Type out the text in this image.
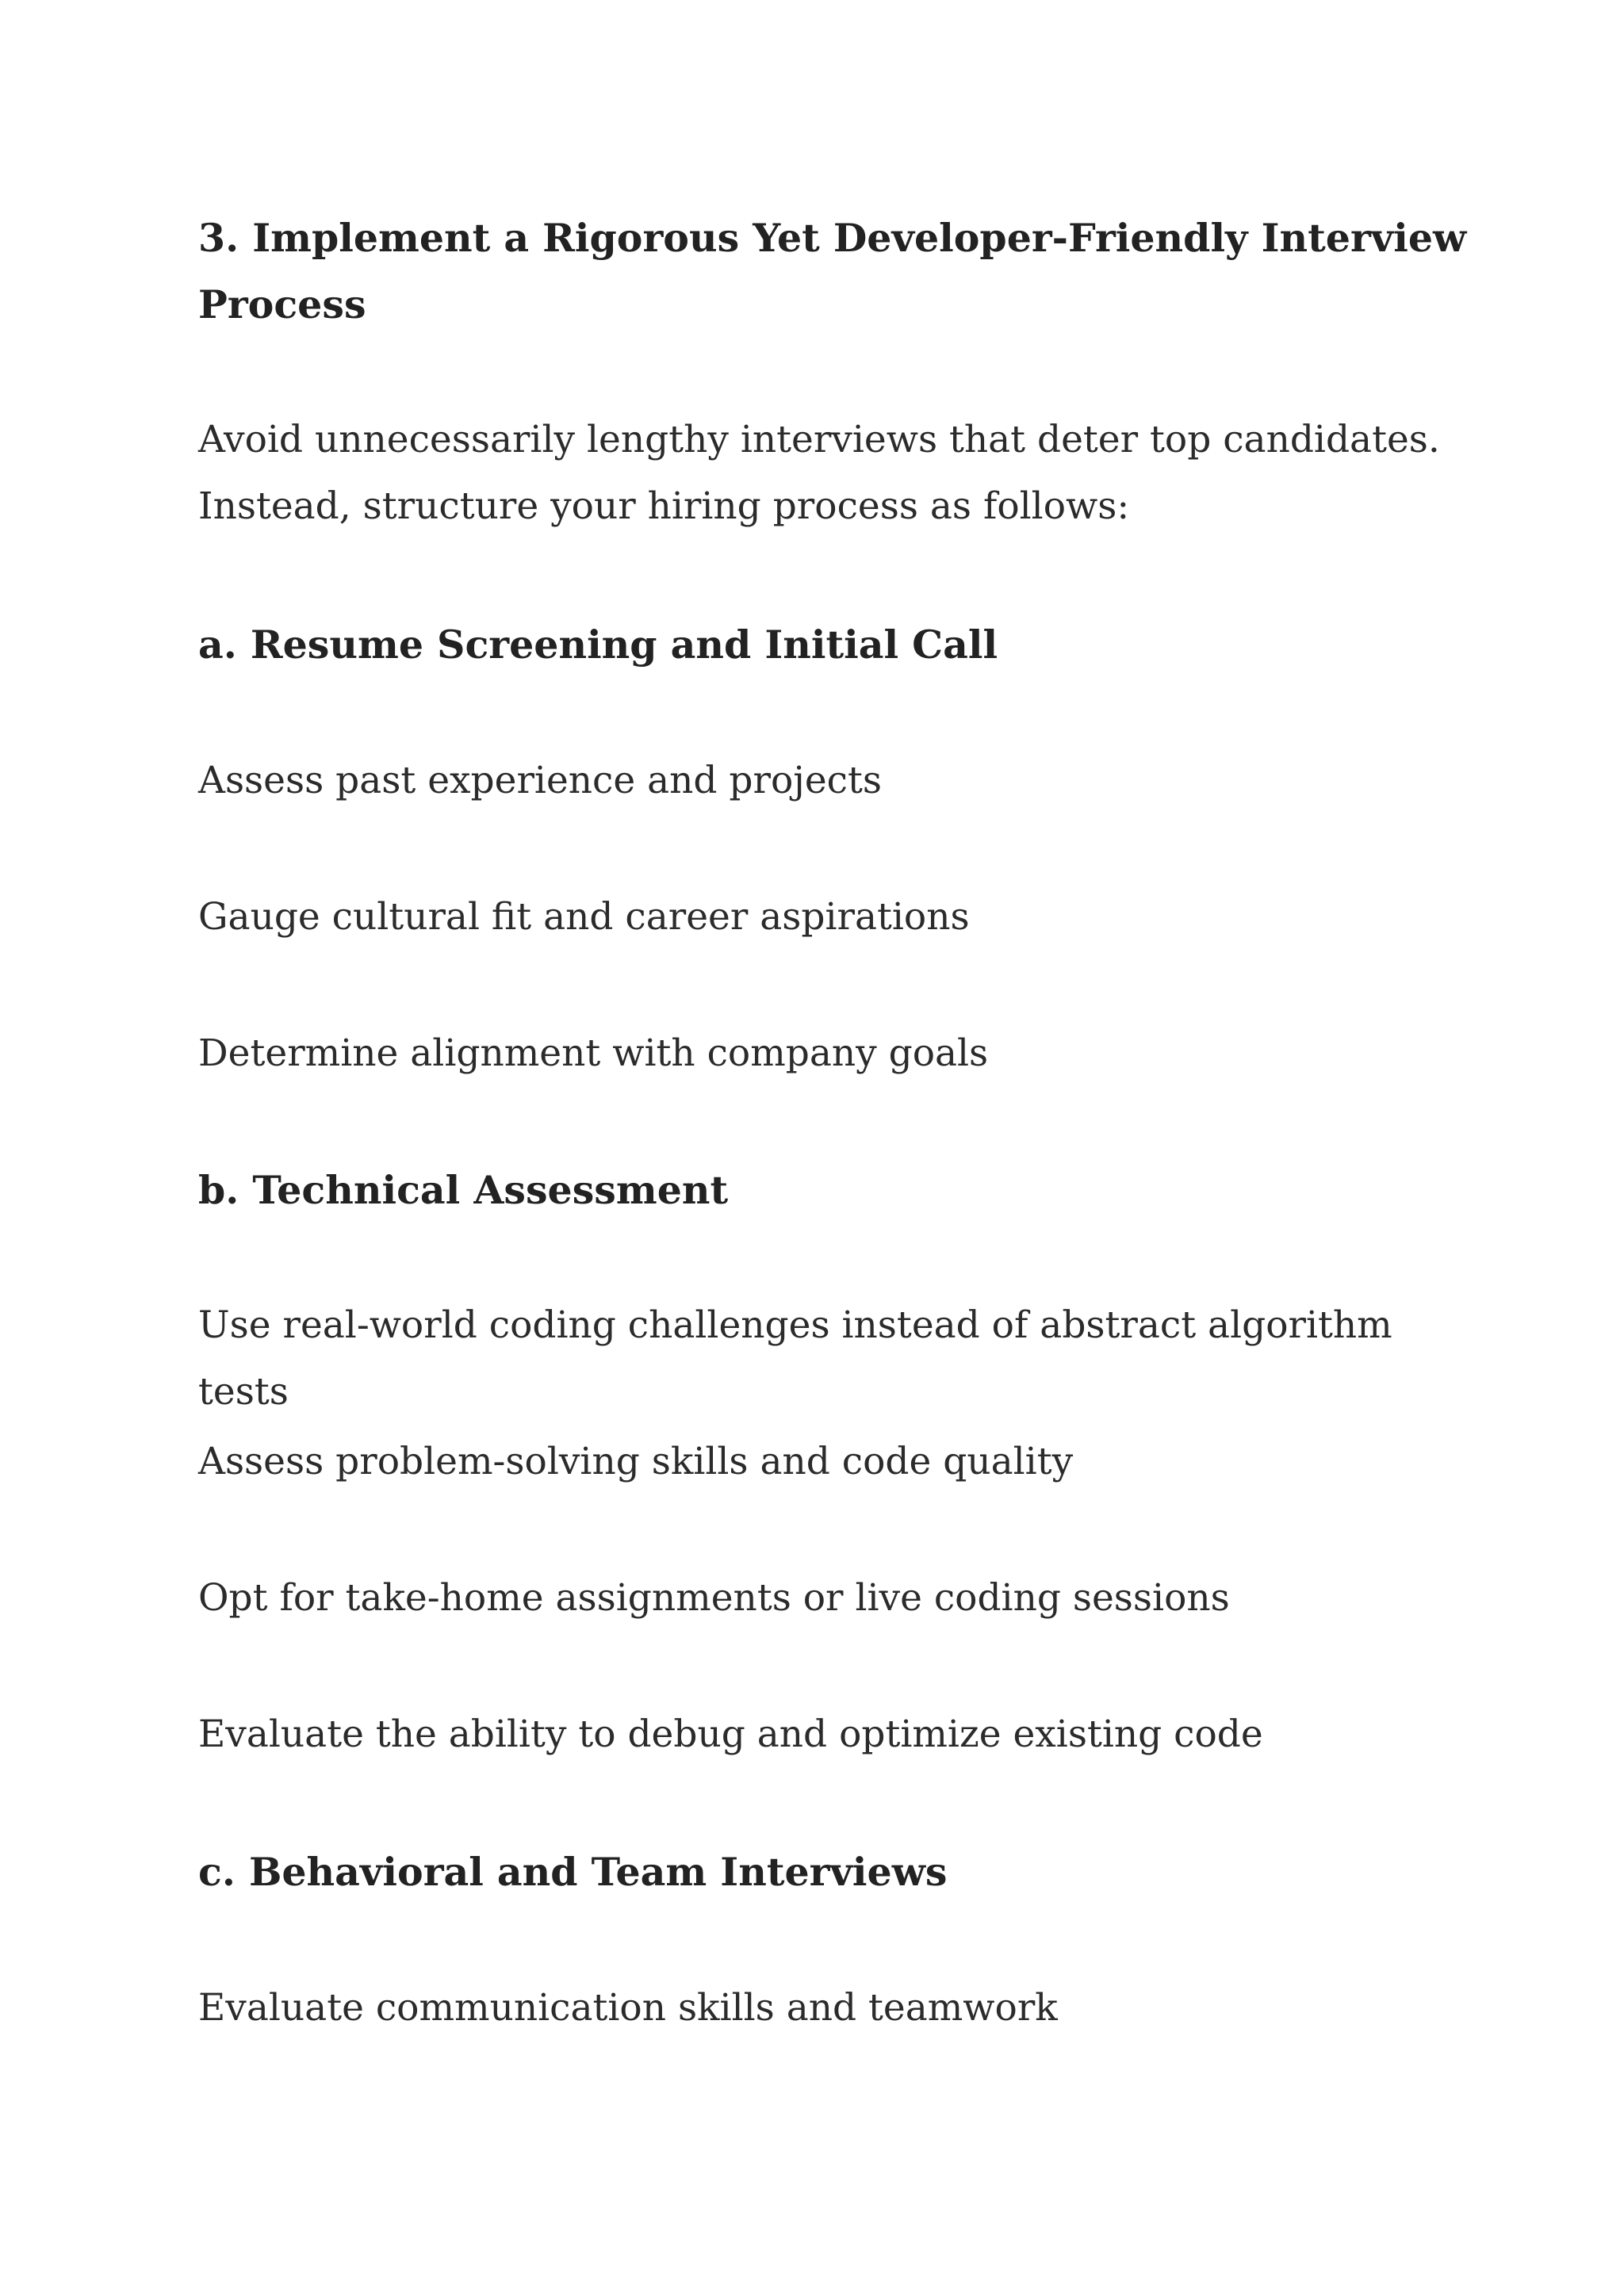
3. Implement a Rigorous Yet Developer-Friendly Interview Process

Avoid unnecessarily lengthy interviews that deter top candidates. Instead, structure your hiring process as follows:

a. Resume Screening and Initial Call

Assess past experience and projects

Gauge cultural fit and career aspirations

Determine alignment with company goals

b. Technical Assessment

Use real-world coding challenges instead of abstract algorithm tests

Assess problem-solving skills and code quality

Opt for take-home assignments or live coding sessions

Evaluate the ability to debug and optimize existing code

c. Behavioral and Team Interviews

Evaluate communication skills and teamwork
